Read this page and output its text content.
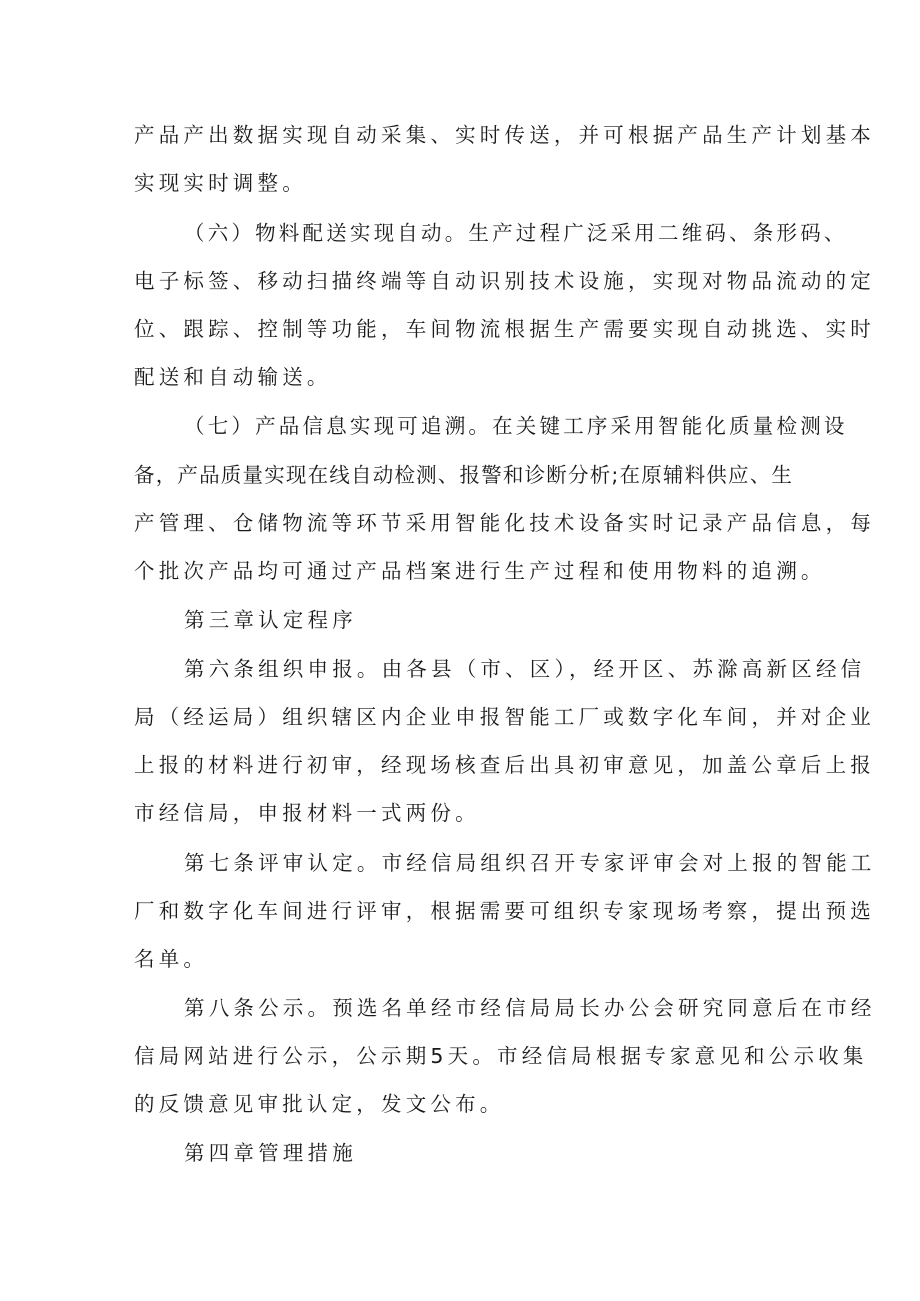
产品产出数据实现自动采集、实时传送，并可根据产品生产计划基本
实现实时调整。
（六）物料配送实现自动。生产过程广泛采用二维码、条形码、
电子标签、移动扫描终端等自动识别技术设施，实现对物品流动的定
位、跟踪、控制等功能，车间物流根据生产需要实现自动挑选、实时
配送和自动输送。
（七）产品信息实现可追溯。在关键工序采用智能化质量检测设
备，产品质量实现在线自动检测、报警和诊断分析;在原辅料供应、生
产管理、仓储物流等环节采用智能化技术设备实时记录产品信息，每
个批次产品均可通过产品档案进行生产过程和使用物料的追溯。
第三章认定程序
第六条组织申报。由各县（市、区），经开区、苏滁高新区经信
局（经运局）组织辖区内企业申报智能工厂或数字化车间，并对企业
上报的材料进行初审，经现场核查后出具初审意见，加盖公章后上报
市经信局，申报材料一式两份。
第七条评审认定。市经信局组织召开专家评审会对上报的智能工
厂和数字化车间进行评审，根据需要可组织专家现场考察，提出预选
名单。
第八条公示。预选名单经市经信局局长办公会研究同意后在市经
信局网站进行公示，公示期5天。市经信局根据专家意见和公示收集
的反馈意见审批认定，发文公布。
第四章管理措施
